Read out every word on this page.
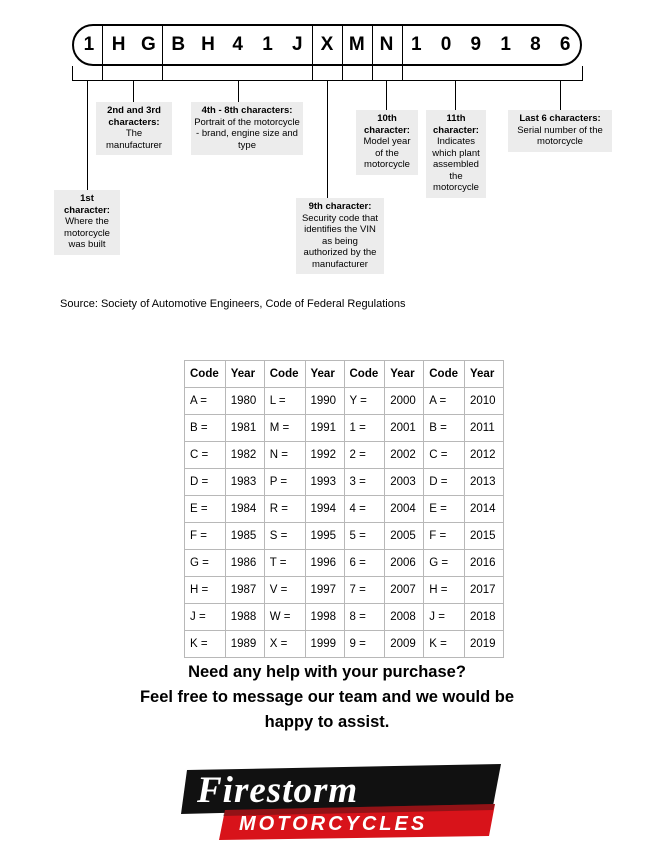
1 H G B H 4	1	J X M N 1	0	9	1	8	6
1st character:
Where the motorcycle was built
2nd and 3rd characters:
The manufacturer
4th - 8th characters:
Portrait of the motorcycle - brand, engine size and type
9th character:
Security code that identifies the VIN as being authorized by the manufacturer
10th character:
Model year of the motorcycle
11th character:
Indicates which plant assembled the motorcycle
Last 6 characters:
Serial number of the motorcycle
Source: Society of Automotive Engineers, Code of Federal Regulations
Code	Year	Code	Year	Code	Year	Code	Year
A =	1980	L =	1990	Y =	2000	A =	2010
B =	1981	M =	1991	1 =	2001	B =	2011
C =	1982	N =	1992	2 =	2002	C =	2012
D =	1983	P =	1993	3 =	2003	D =	2013
E =	1984	R =	1994	4 =	2004	E =	2014
F =	1985	S =	1995	5 =	2005	F =	2015
G =	1986	T =	1996	6 =	2006	G =	2016
H =	1987	V =	1997	7 =	2007	H =	2017
J =	1988	W =	1998	8 =	2008	J =	2018
K =	1989	X =	1999	9 =	2009	K =	2019
Need any help with your purchase?
Feel free to message our team and we would be
happy to assist.
Firestorm
MOTORCYCLES
